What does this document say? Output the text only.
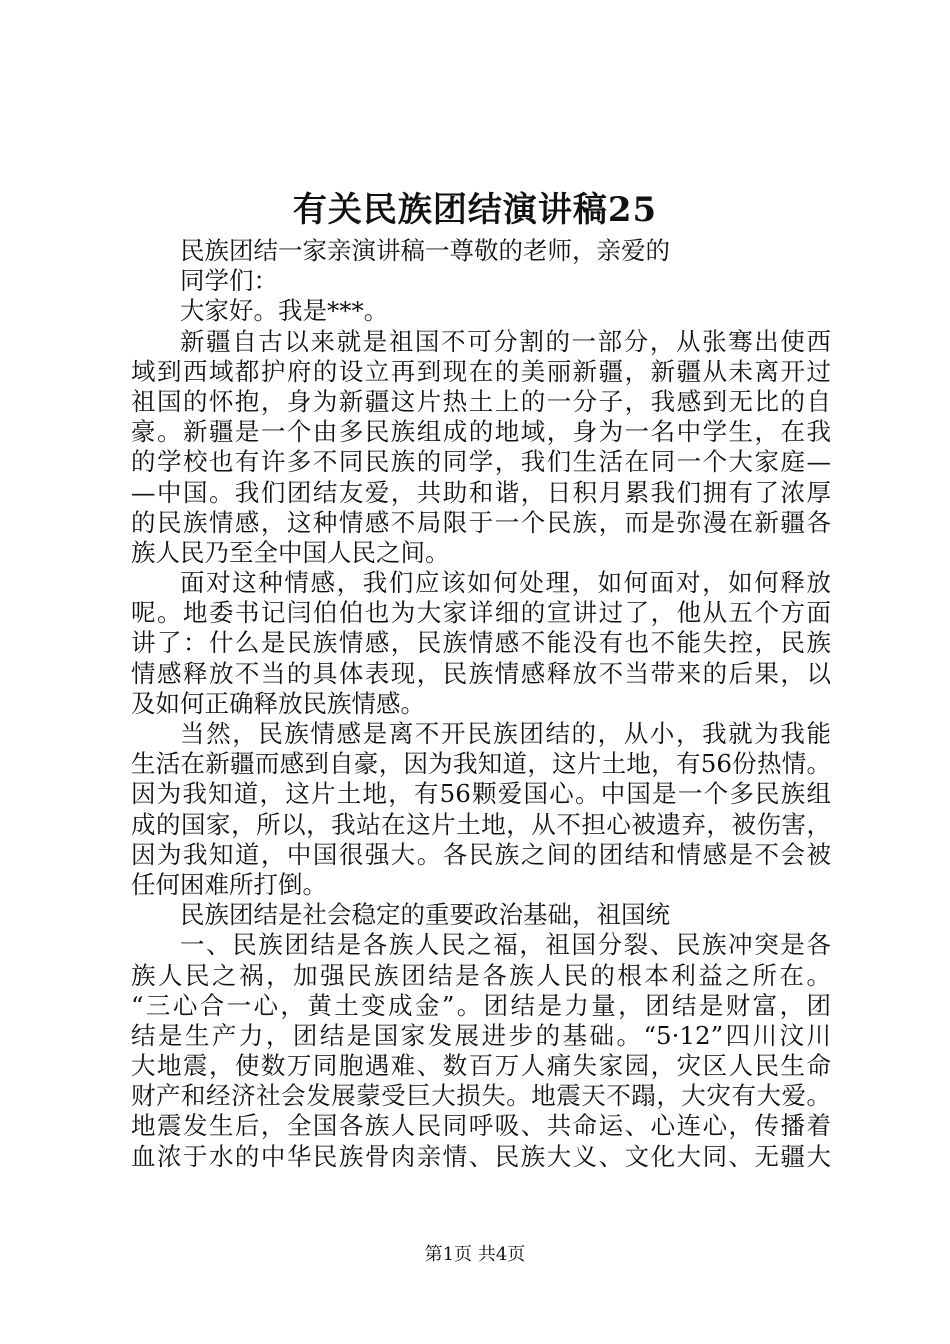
有关民族团结演讲稿25
民族团结一家亲演讲稿一尊敬的老师，亲爱的
同学们：
大家好。我是***。
新疆自古以来就是祖国不可分割的一部分，从张骞出使西
域到西域都护府的设立再到现在的美丽新疆，新疆从未离开过
祖国的怀抱，身为新疆这片热土上的一分子，我感到无比的自
豪。新疆是一个由多民族组成的地域，身为一名中学生，在我
的学校也有许多不同民族的同学，我们生活在同一个大家庭—
—中国。我们团结友爱，共助和谐，日积月累我们拥有了浓厚
的民族情感，这种情感不局限于一个民族，而是弥漫在新疆各
族人民乃至全中国人民之间。
面对这种情感，我们应该如何处理，如何面对，如何释放
呢。地委书记闫伯伯也为大家详细的宣讲过了，他从五个方面
讲了：什么是民族情感，民族情感不能没有也不能失控，民族
情感释放不当的具体表现，民族情感释放不当带来的后果，以
及如何正确释放民族情感。
当然，民族情感是离不开民族团结的，从小，我就为我能
生活在新疆而感到自豪，因为我知道，这片土地，有56份热情。
因为我知道，这片土地，有56颗爱国心。中国是一个多民族组
成的国家，所以，我站在这片土地，从不担心被遗弃，被伤害，
因为我知道，中国很强大。各民族之间的团结和情感是不会被
任何困难所打倒。
民族团结是社会稳定的重要政治基础，祖国统
一、民族团结是各族人民之福，祖国分裂、民族冲突是各
族人民之祸，加强民族团结是各族人民的根本利益之所在。
“三心合一心，黄土变成金”。团结是力量，团结是财富，团
结是生产力，团结是国家发展进步的基础。“5·12”四川汶川
大地震，使数万同胞遇难、数百万人痛失家园，灾区人民生命
财产和经济社会发展蒙受巨大损失。地震天不蹋，大灾有大爱。
地震发生后，全国各族人民同呼吸、共命运、心连心，传播着
血浓于水的中华民族骨肉亲情、民族大义、文化大同、无疆大
第1页 共4页
